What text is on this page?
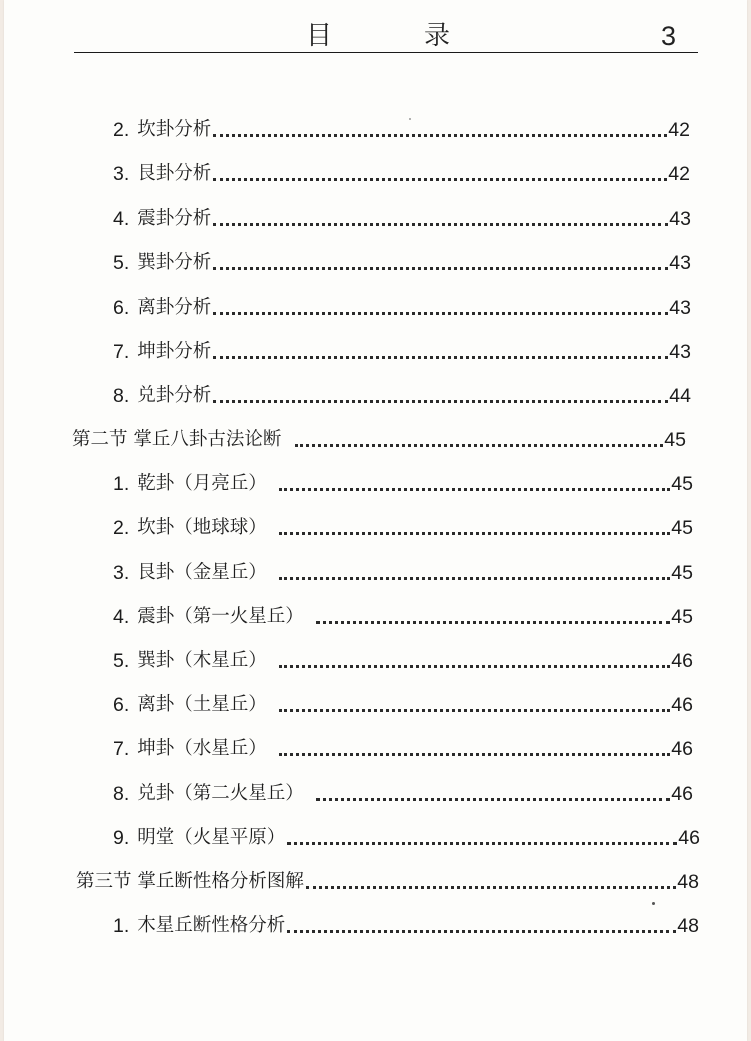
目	录	3
2. 坎卦分析	42
3. 艮卦分析	42
4. 震卦分析	43
5. 巽卦分析	43
6. 离卦分析	43
7. 坤卦分析	43
8. 兑卦分析	44
第二节 掌丘八卦古法论断	45
1. 乾卦（月亮丘）	45
2. 坎卦（地球球）	45
3. 艮卦（金星丘）	45
4. 震卦（第一火星丘）	45
5. 巽卦（木星丘）	46
6. 离卦（土星丘）	46
7. 坤卦（水星丘）	46
8. 兑卦（第二火星丘）	46
9. 明堂（火星平原）	46
第三节 掌丘断性格分析图解	48
1. 木星丘断性格分析	48
